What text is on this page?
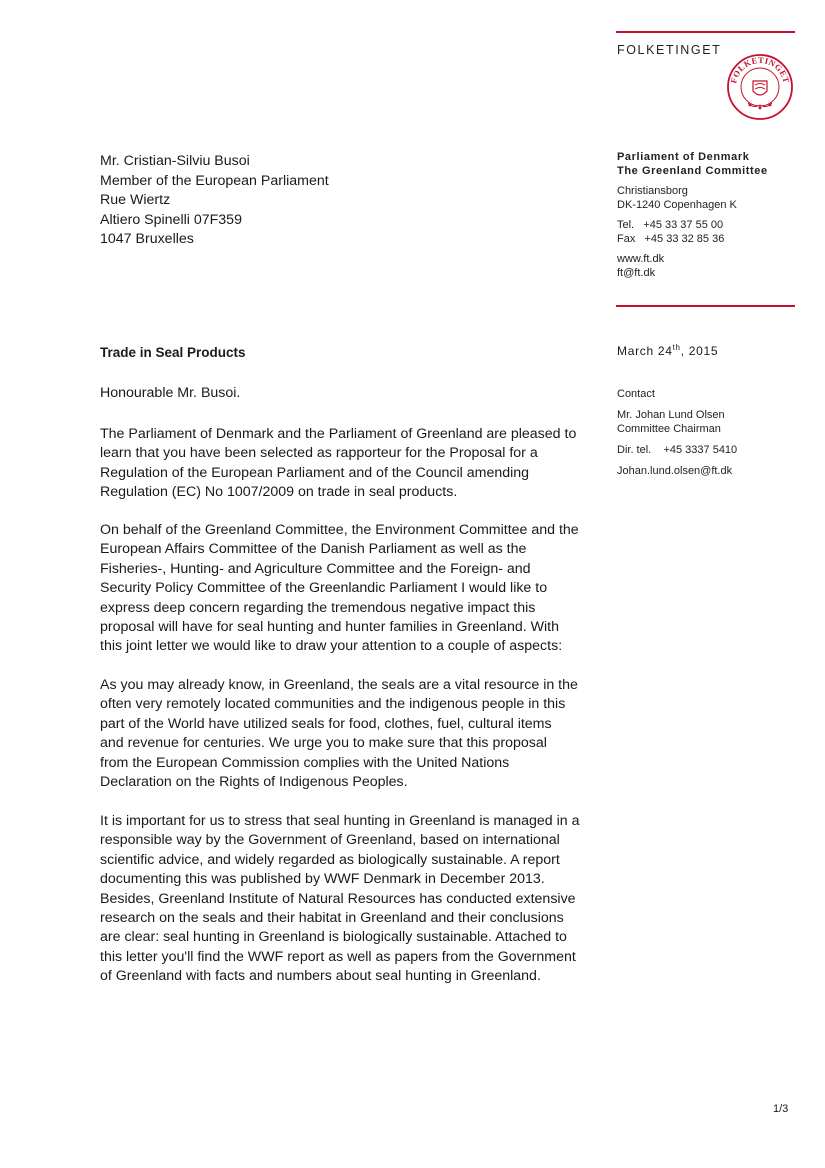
FOLKETINGET
FOLKETINGET
Mr. Cristian-Silviu Busoi
Member of the European Parliament
Rue Wiertz
Altiero Spinelli 07F359
1047 Bruxelles
Parliament of Denmark
The Greenland Committee
Christiansborg
DK-1240 Copenhagen K
Tel.   +45 33 37 55 00
Fax   +45 33 32 85 36
www.ft.dk
ft@ft.dk
March 24th, 2015
Contact
Mr. Johan Lund Olsen
Committee Chairman
Dir. tel.    +45 3337 5410
Johan.lund.olsen@ft.dk
Trade in Seal Products
Honourable Mr. Busoi.

The Parliament of Denmark and the Parliament of Greenland are pleased to learn that you have been selected as rapporteur for the Proposal for a Regulation of the European Parliament and of the Council amending Regulation (EC) No 1007/2009 on trade in seal products.

On behalf of the Greenland Committee, the Environment Committee and the European Affairs Committee of the Danish Parliament as well as the Fisheries-, Hunting- and Agriculture Committee and the Foreign- and Security Policy Committee of the Greenlandic Parliament I would like to express deep concern regarding the tremendous negative impact this proposal will have for seal hunting and hunter families in Greenland. With this joint letter we would like to draw your attention to a couple of aspects:

As you may already know, in Greenland, the seals are a vital resource in the often very remotely located communities and the indigenous people in this part of the World have utilized seals for food, clothes, fuel, cultural items and revenue for centuries. We urge you to make sure that this proposal from the European Commission complies with the United Nations Declaration on the Rights of Indigenous Peoples.

It is important for us to stress that seal hunting in Greenland is managed in a responsible way by the Government of Greenland, based on international scientific advice, and widely regarded as biologically sustainable. A report documenting this was published by WWF Denmark in December 2013. Besides, Greenland Institute of Natural Resources has conducted extensive research on the seals and their habitat in Greenland and their conclusions are clear: seal hunting in Greenland is biologically sustainable. Attached to this letter you'll find the WWF report as well as papers from the Government of Greenland with facts and numbers about seal hunting in Greenland.

1/3
